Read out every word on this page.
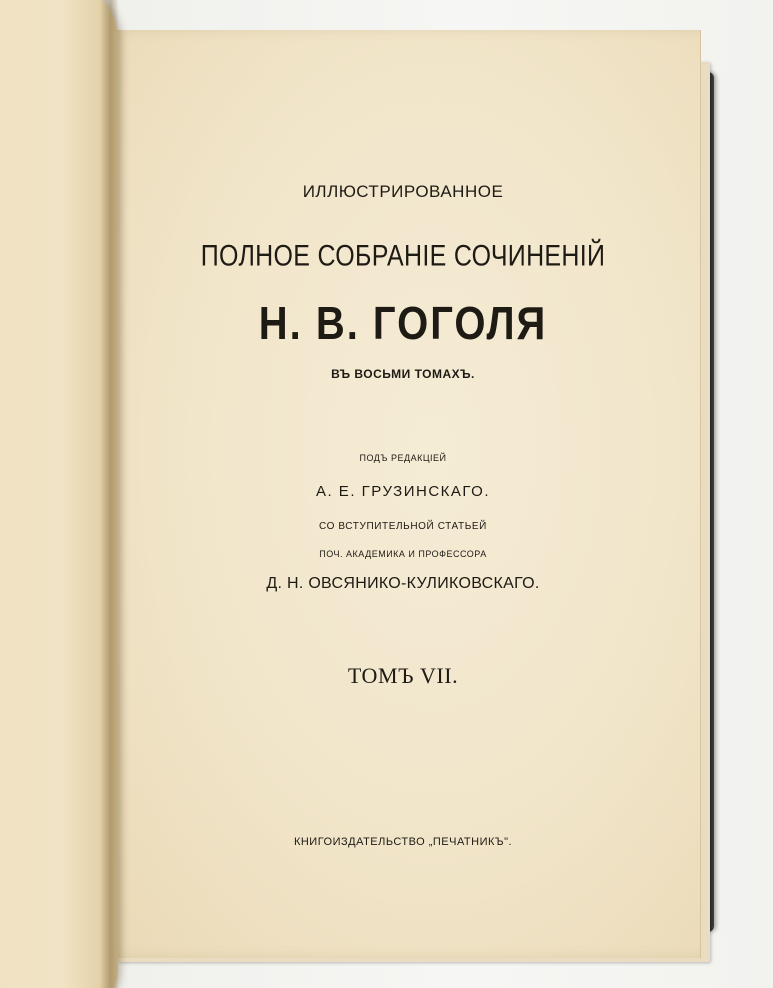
ИЛЛЮСТРИРОВАННОЕ
ПОЛНОЕ СОБРАНІЕ СОЧИНЕНІЙ
Н. В. ГОГОЛЯ
ВЪ ВОСЬМИ ТОМАХЪ.
ПОДЪ РЕДАКЦІЕЙ
А. Е. ГРУЗИНСКАГО.
СО ВСТУПИТЕЛЬНОЙ СТАТЬЕЙ
ПОЧ. АКАДЕМИКА И ПРОФЕССОРА
Д. Н. ОВСЯНИКО-КУЛИКОВСКАГО.
ТОМЪ VII.
КНИГОИЗДАТЕЛЬСТВО „ПЕЧАТНИКЪ".
